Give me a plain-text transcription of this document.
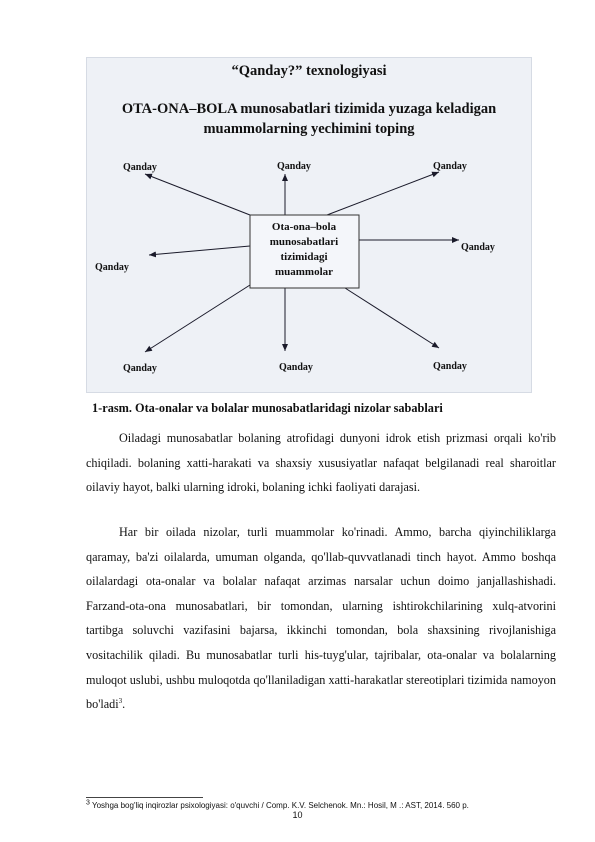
“Qanday?” texnologiyasi
OTA-ONA–BOLA munosabatlari tizimida yuzaga keladigan
muammolarning yechimini toping
Ota-ona–bola
munosabatlari
tizimidagi
muammolar
Qanday	Qanday	Qanday
Qanday
Qanday
Qanday	Qanday	Qanday
1-rasm. Ota-onalar va bolalar munosabatlaridagi nizolar sabablari

Oiladagi munosabatlar bolaning atrofidagi dunyoni idrok etish prizmasi orqali ko'rib chiqiladi. bolaning xatti-harakati va shaxsiy xususiyatlar nafaqat belgilanadi real sharoitlar oilaviy hayot, balki ularning idroki, bolaning ichki faoliyati darajasi.

Har bir oilada nizolar, turli muammolar ko'rinadi. Ammo, barcha qiyinchiliklarga qaramay, ba'zi oilalarda, umuman olganda, qo'llab-quvvatlanadi tinch hayot. Ammo boshqa oilalardagi ota-onalar va bolalar nafaqat arzimas narsalar uchun doimo janjallashishadi. Farzand-ota-ona munosabatlari, bir tomondan, ularning ishtirokchilarining xulq-atvorini tartibga soluvchi vazifasini bajarsa, ikkinchi tomondan, bola shaxsining rivojlanishiga vositachilik qiladi. Bu munosabatlar turli his-tuyg'ular, tajribalar, ota-onalar va bolalarning muloqot uslubi, ushbu muloqotda qo'llaniladigan xatti-harakatlar stereotiplari tizimida namoyon bo'ladi$^3$.

$^3$ Yoshga bog'liq inqirozlar psixologiyasi: o'quvchi / Comp. K.V. Selchenok. Mn.: Hosil, M .: AST, 2014. 560 p.
10
